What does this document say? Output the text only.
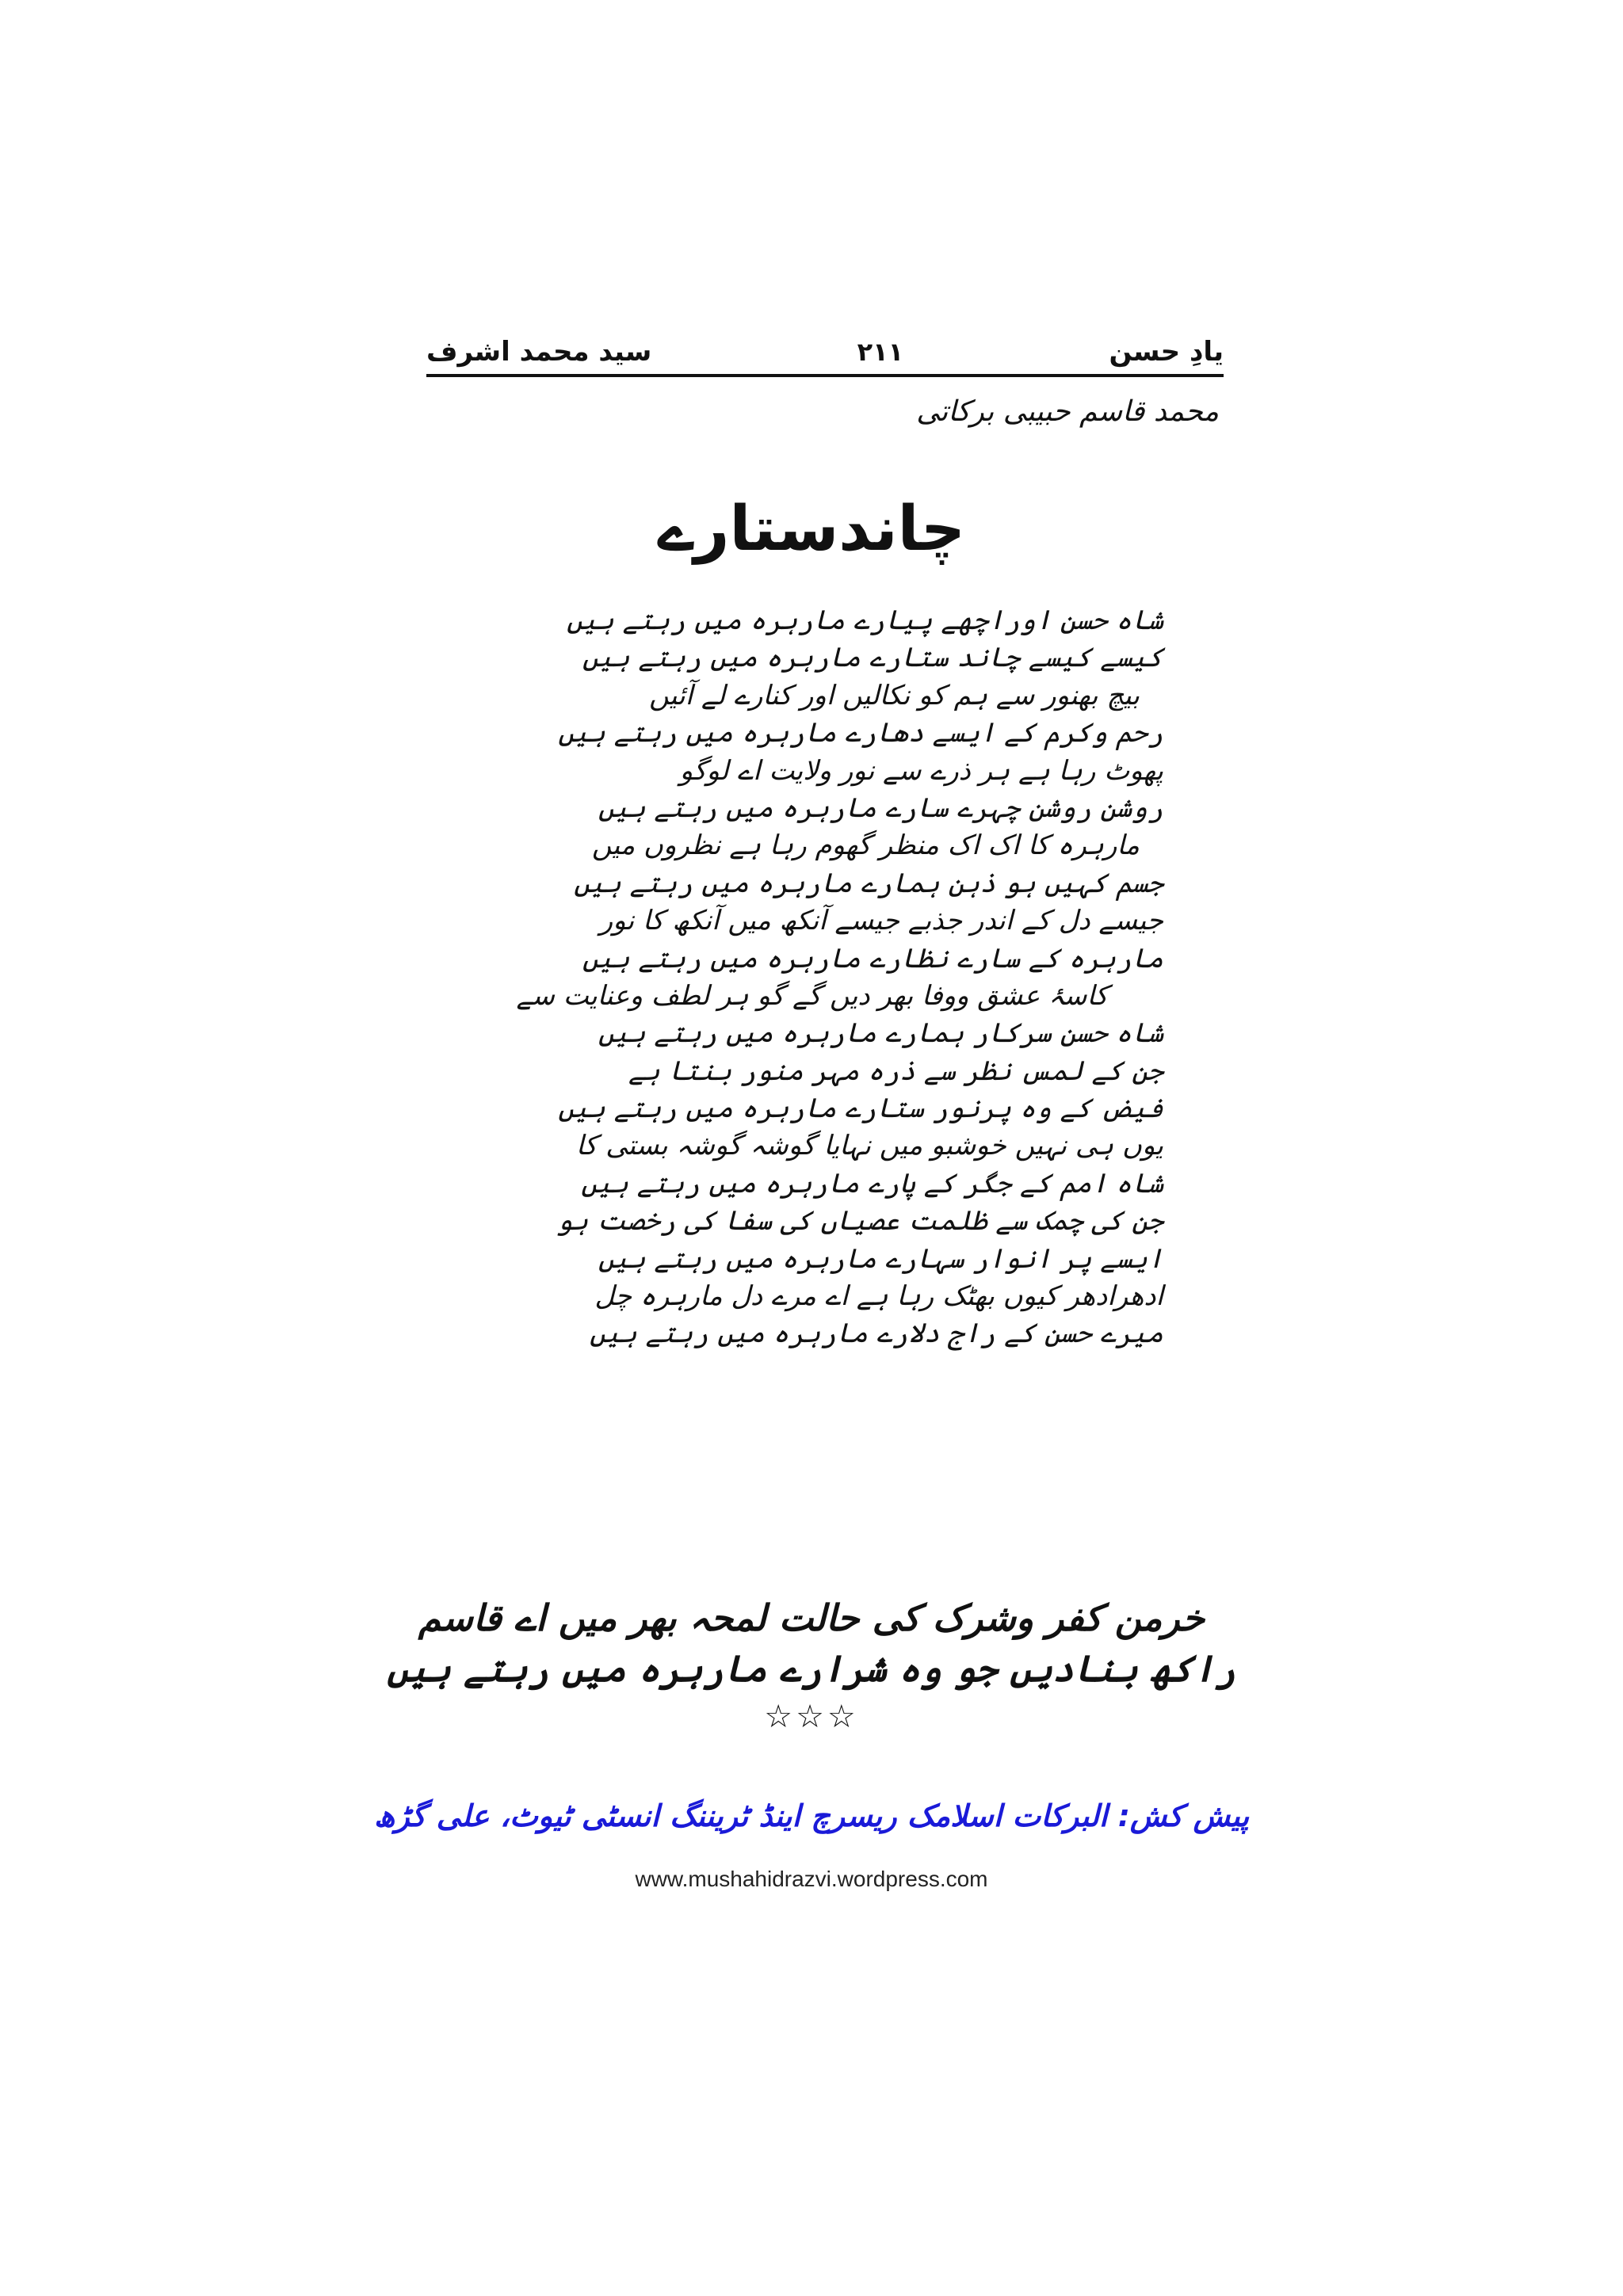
سید محمد اشرف	۲۱۱	یادِ حسن
محمد قاسم حبیبی برکاتی
چاندستارے
شاہ حسن اوراچھے پیارے مارہرہ میں رہتے ہیں
کیسے کیسے چاند ستارے مارہرہ میں رہتے ہیں
بیچ بھنور سے ہم کو نکالیں اور کنارے لے آئیں
رحم وکرم کے ایسے دھارے مارہرہ میں رہتے ہیں
پھوٹ رہا ہے ہر ذرے سے نور ولایت اے لوگو
روشن روشن چہرے سارے مارہرہ میں رہتے ہیں
مارہرہ کا اک اک منظر گھوم رہا ہے نظروں میں
جسم کہیں ہو ذہن ہمارے مارہرہ میں رہتے ہیں
جیسے دل کے اندر جذبے جیسے آنکھ میں آنکھ کا نور
مارہرہ کے سارے نظارے مارہرہ میں رہتے ہیں
کاسۂ عشق ووفا بھر دیں گے گو ہر لطف وعنایت سے
شاہ حسن سرکار ہمارے مارہرہ میں رہتے ہیں
جن کے لمس نظر سے ذرہ مہر منور بنتا ہے
فیض کے وہ پرنور ستارے مارہرہ میں رہتے ہیں
یوں ہی نہیں خوشبو میں نہایا گوشہ گوشہ بستی کا
شاہ امم کے جگر کے پارے مارہرہ میں رہتے ہیں
جن کی چمک سے ظلمت عصیاں کی سفا کی رخصت ہو
ایسے پر انوار سہارے مارہرہ میں رہتے ہیں
ادھرادھر کیوں بھٹک رہا ہے اے مرے دل مارہرہ چل
میرے حسن کے راج دلارے مارہرہ میں رہتے ہیں
خرمن کفر وشرک کی حالت لمحہ بھر میں اے قاسم
راکھ بنادیں جو وہ شرارے مارہرہ میں رہتے ہیں
☆☆☆
پیش کش: البرکات اسلامک ریسرچ اینڈ ٹریننگ انسٹی ٹیوٹ، علی گڑھ
www.mushahidrazvi.wordpress.com
